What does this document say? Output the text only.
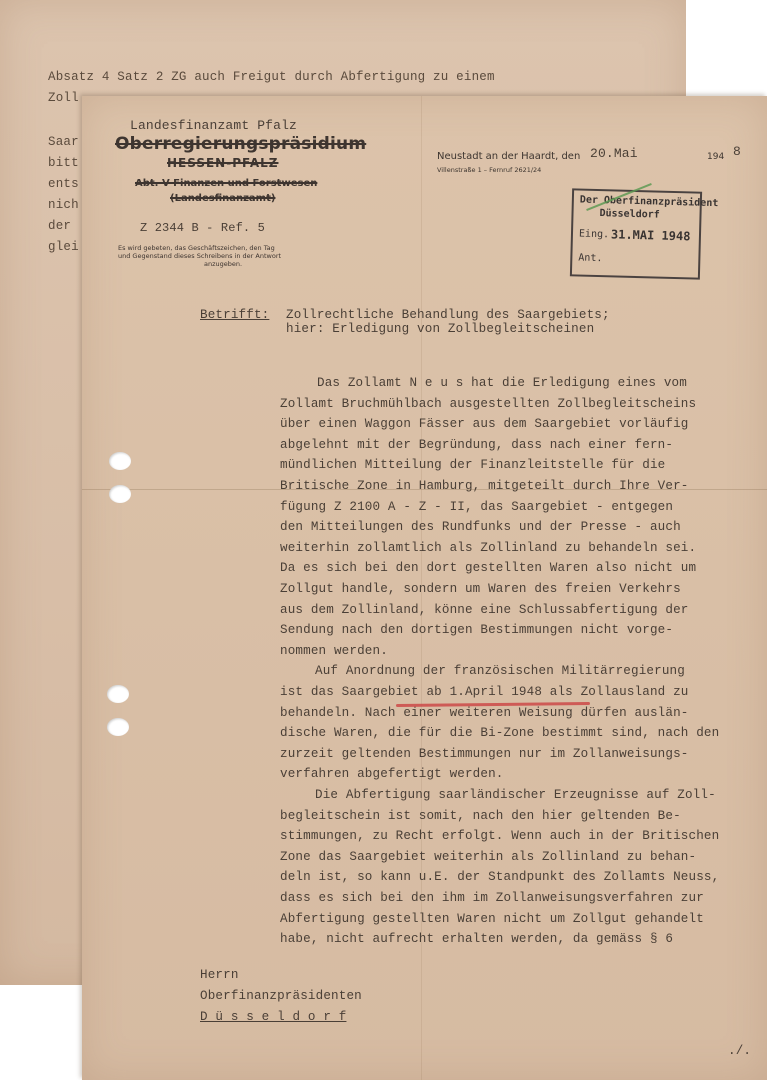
Absatz 4 Satz 2 ZG auch Freigut durch Abfertigung zu einem
Zoll
Saar
bitt
ents
nich
der
glei
Landesfinanzamt Pfalz
Oberregierungspräsidium
HESSEN-PFALZ
Abt. V Finanzen und Forstwesen
(Landesfinanzamt)
Z 2344 B - Ref. 5
Es wird gebeten, das Geschäftszeichen, den Tag
und Gegenstand dieses Schreibens in der Antwort
anzugeben.
Neustadt an der Haardt, den 20.Mai	194 8
Villenstraße 1 – Fernruf 2621/24
Der Oberfinanzpräsident
Düsseldorf
Eing. 31.MAI 1948
Ant.
Betrifft: Zollrechtliche Behandlung des Saargebiets;
hier: Erledigung von Zollbegleitscheinen
Das Zollamt N e u s hat die Erledigung eines vom
Zollamt Bruchmühlbach ausgestellten Zollbegleitscheins
über einen Waggon Fässer aus dem Saargebiet vorläufig
abgelehnt mit der Begründung, dass nach einer fern-
mündlichen Mitteilung der Finanzleitstelle für die
Britische Zone in Hamburg, mitgeteilt durch Ihre Ver-
fügung Z 2100 A - Z - II, das Saargebiet - entgegen
den Mitteilungen des Rundfunks und der Presse - auch
weiterhin zollamtlich als Zollinland zu behandeln sei.
Da es sich bei den dort gestellten Waren also nicht um
Zollgut handle, sondern um Waren des freien Verkehrs
aus dem Zollinland, könne eine Schlussabfertigung der
Sendung nach den dortigen Bestimmungen nicht vorge-
nommen werden.
Auf Anordnung der französischen Militärregierung
ist das Saargebiet ab 1.April 1948 als Zollausland zu
behandeln. Nach einer weiteren Weisung dürfen auslän-
dische Waren, die für die Bi-Zone bestimmt sind, nach den
zurzeit geltenden Bestimmungen nur im Zollanweisungs-
verfahren abgefertigt werden.
Die Abfertigung saarländischer Erzeugnisse auf Zoll-
begleitschein ist somit, nach den hier geltenden Be-
stimmungen, zu Recht erfolgt. Wenn auch in der Britischen
Zone das Saargebiet weiterhin als Zollinland zu behan-
deln ist, so kann u.E. der Standpunkt des Zollamts Neuss,
dass es sich bei den ihm im Zollanweisungsverfahren zur
Abfertigung gestellten Waren nicht um Zollgut gehandelt
habe, nicht aufrecht erhalten werden, da gemäss § 6
Herrn
Oberfinanzpräsidenten
D ü s s e l d o r f
./.
